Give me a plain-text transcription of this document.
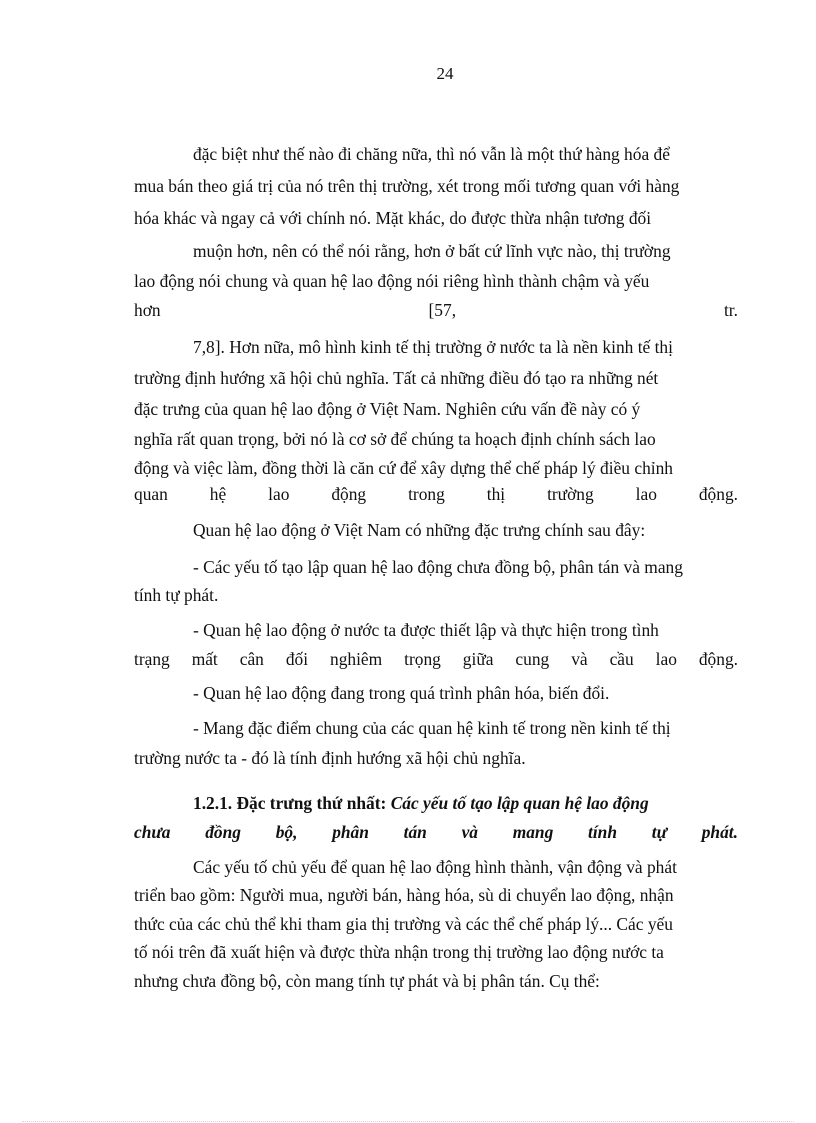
24
đặc biệt như thế nào đi chăng nữa, thì nó vẫn là một thứ hàng hóa để
mua bán theo giá trị của nó trên thị trường, xét trong mối tương quan với hàng
hóa khác và ngay cả với chính nó. Mặt khác, do được thừa nhận tương đối
muộn hơn, nên có thể nói rằng, hơn ở bất cứ lĩnh vực nào, thị trường
lao động nói chung và quan hệ lao động nói riêng hình thành chậm và yếu
hơn	[57,	tr.
7,8]. Hơn nữa, mô hình kinh tế thị trường ở nước ta là nền kinh tế thị
trường định hướng xã hội chủ nghĩa. Tất cả những điều đó tạo ra những nét
đặc trưng của quan hệ lao động ở Việt Nam. Nghiên cứu vấn đề này có ý
nghĩa rất quan trọng, bởi nó là cơ sở để chúng ta hoạch định chính sách lao
động và việc làm, đồng thời là căn cứ để xây dựng thể chế pháp lý điều chỉnh
quan hệ lao động trong thị trường lao động.
Quan hệ lao động ở Việt Nam có những đặc trưng chính sau đây:
- Các yếu tố tạo lập quan hệ lao động chưa đồng bộ, phân tán và mang
tính tự phát.
- Quan hệ lao động ở nước ta được thiết lập và thực hiện trong tình
trạng mất cân đối nghiêm trọng giữa cung và cầu lao động.
- Quan hệ lao động đang trong quá trình phân hóa, biến đổi.
- Mang đặc điểm chung của các quan hệ kinh tế trong nền kinh tế thị
trường nước ta - đó là tính định hướng xã hội chủ nghĩa.
1.2.1. Đặc trưng thứ nhất: Các yếu tố tạo lập quan hệ lao động
chưa đồng bộ, phân tán và mang tính tự phát.
Các yếu tố chủ yếu để quan hệ lao động hình thành, vận động và phát
triển bao gồm: Người mua, người bán, hàng hóa, sù di chuyển lao động, nhận
thức của các chủ thể khi tham gia thị trường và các thể chế pháp lý... Các yếu
tố nói trên đã xuất hiện và được thừa nhận trong thị trường lao động nước ta
nhưng chưa đồng bộ, còn mang tính tự phát và bị phân tán. Cụ thể:
